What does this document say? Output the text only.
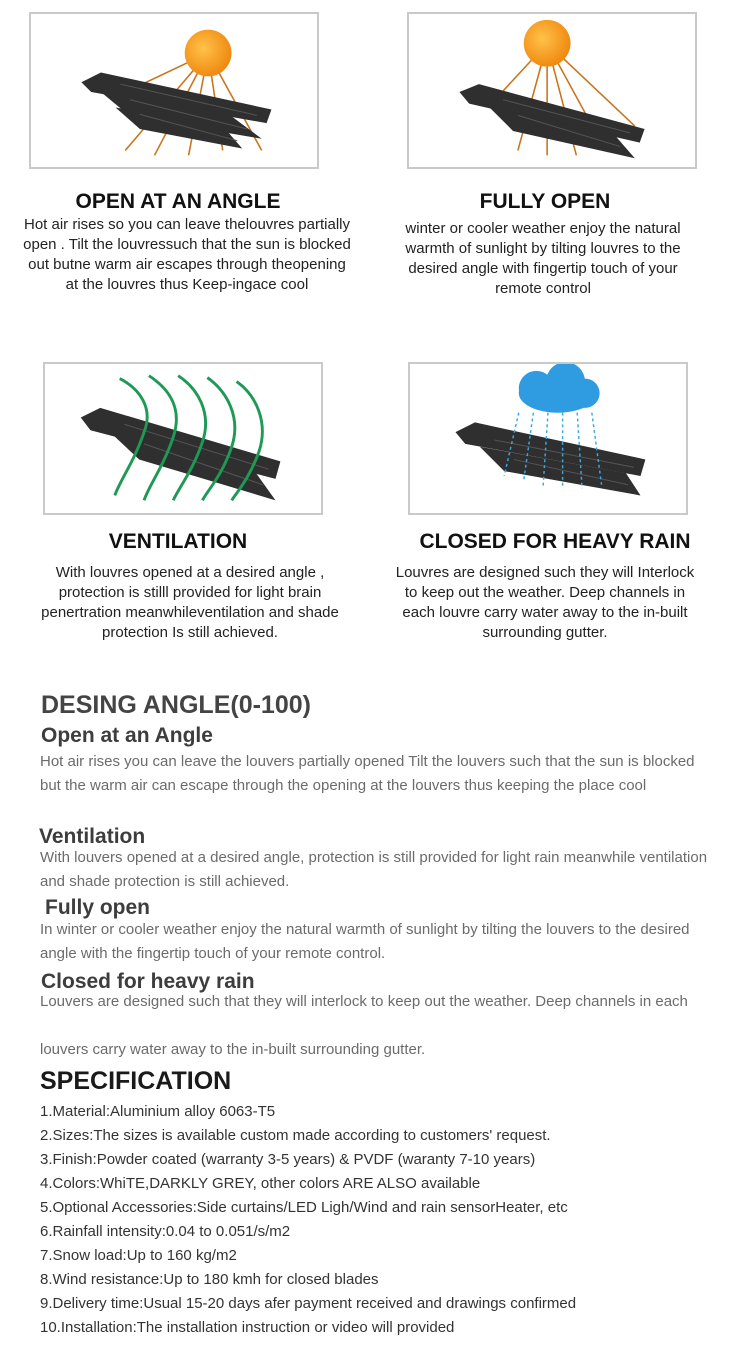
OPEN AT AN ANGLE
Hot air rises so you can leave thelouvres partially open . Tilt the louvressuch that the sun is blocked out butne warm air escapes through theopening at the louvres thus Keep-ingace cool
FULLY OPEN
winter or cooler weather enjoy the natural warmth of sunlight by tilting louvres to the desired angle with fingertip touch of your remote control
VENTILATION
With louvres opened at a desired angle , protection is stilll provided for light brain penertration meanwhileventilation and shade protection Is still achieved.
CLOSED FOR HEAVY RAIN
Louvres are designed such they will Interlock to keep out the weather. Deep channels in each louvre carry water away to the in-built surrounding gutter.
DESING ANGLE(0-100)
Open at an Angle
Hot air rises you can leave the louvers partially opened Tilt the louvers such that the sun is blocked but the warm air can escape through the opening at the louvers thus keeping the place cool
Ventilation
With louvers opened at a desired angle, protection is still provided for light rain meanwhile ventilation and shade protection is still achieved.
Fully open
In winter or cooler weather enjoy the natural warmth of sunlight by tilting the louvers to the desired angle with the fingertip touch of your remote control.
Closed for heavy rain
Louvers are designed such that they will interlock to keep out the weather. Deep channels in each
louvers carry water away to the in-built surrounding gutter.
SPECIFICATION
1.Material:Aluminium alloy 6063-T5
2.Sizes:The sizes is available custom made according to customers' request.
3.Finish:Powder coated (warranty 3-5 years) & PVDF (waranty 7-10 years)
4.Colors:WhiTE,DARKLY GREY, other colors ARE ALSO available
5.Optional Accessories:Side curtains/LED Ligh/Wind and rain sensorHeater, etc
6.Rainfall intensity:0.04 to 0.051/s/m2
7.Snow load:Up to 160 kg/m2
8.Wind resistance:Up to 180 kmh for closed blades
9.Delivery time:Usual 15-20 days afer payment received and drawings confirmed
10.Installation:The installation instruction or video will provided
